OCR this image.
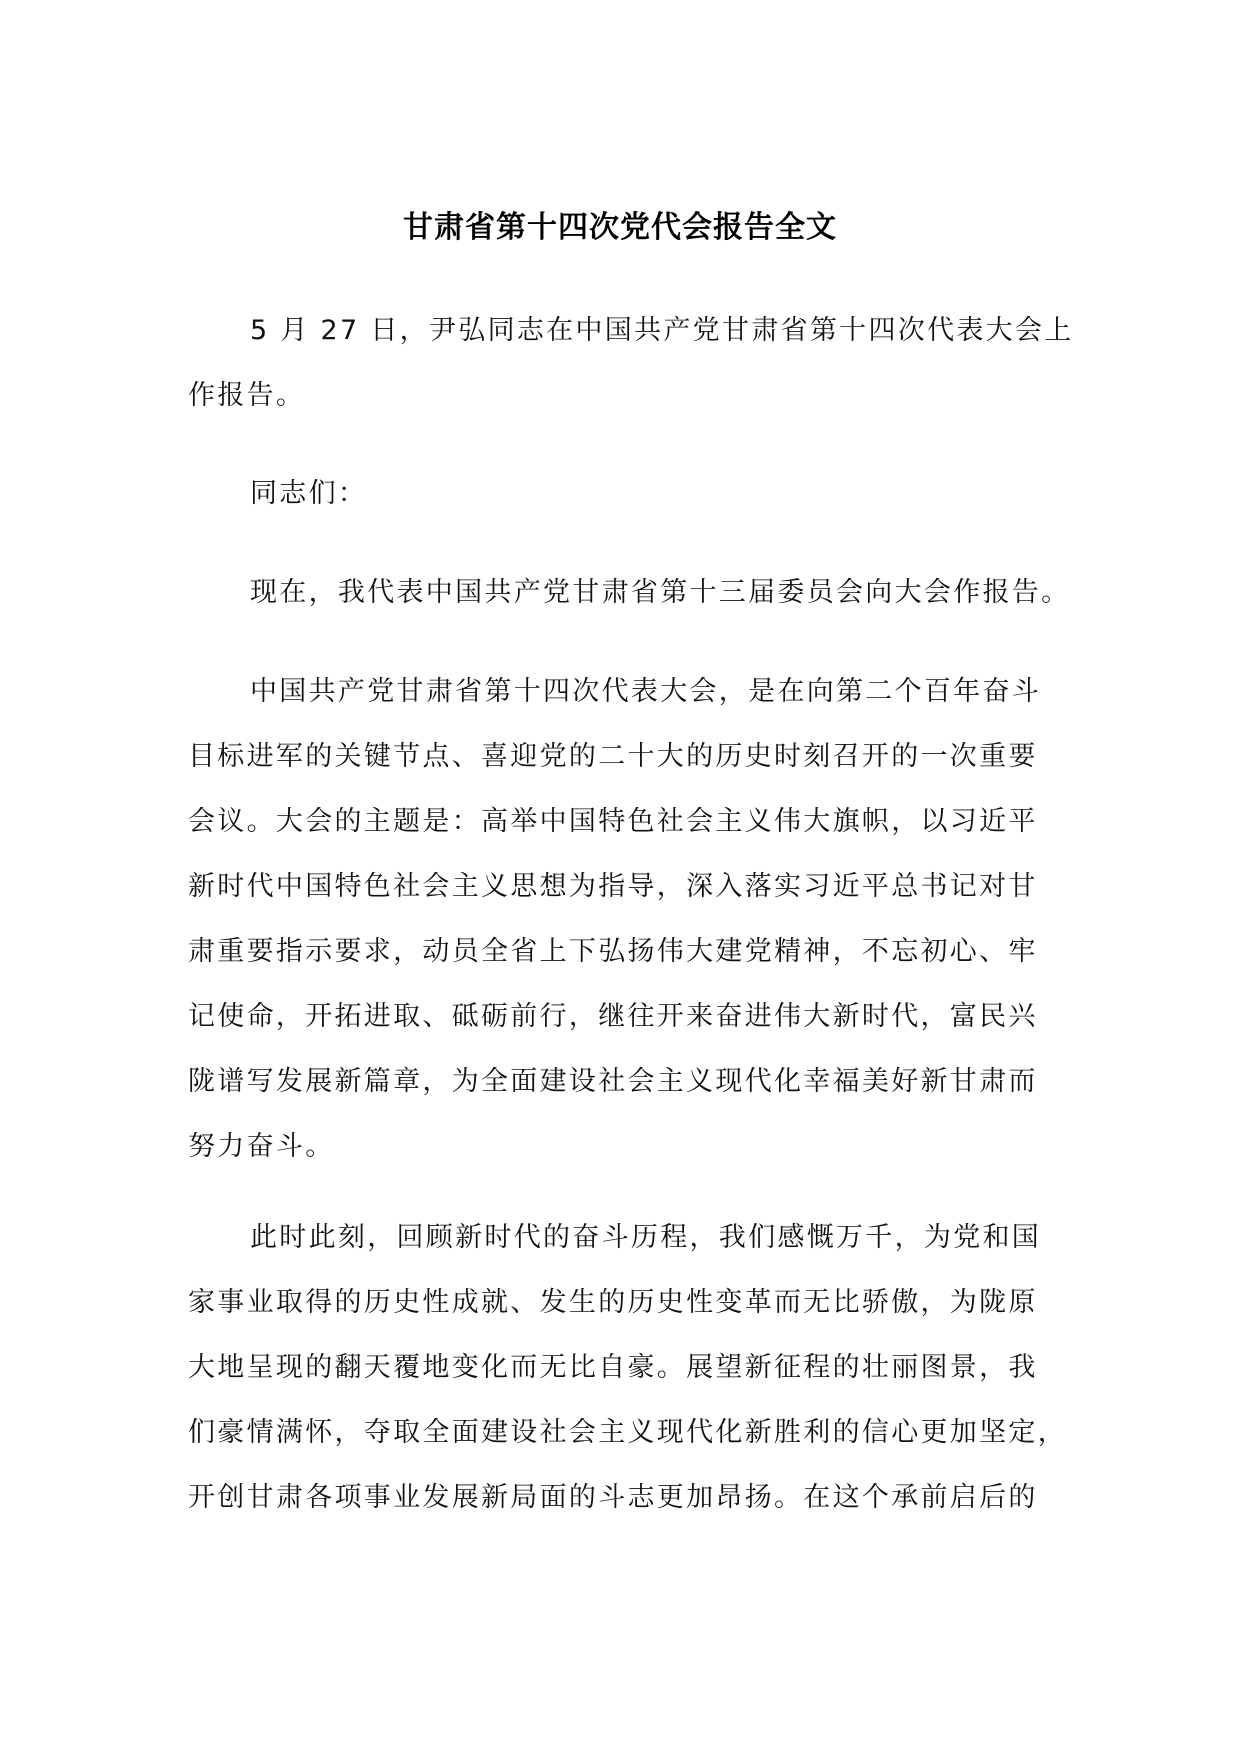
甘肃省第十四次党代会报告全文

5 月 27 日，尹弘同志在中国共产党甘肃省第十四次代表大会上
作报告。

同志们：

现在，我代表中国共产党甘肃省第十三届委员会向大会作报告。

中国共产党甘肃省第十四次代表大会，是在向第二个百年奋斗
目标进军的关键节点、喜迎党的二十大的历史时刻召开的一次重要
会议。大会的主题是：高举中国特色社会主义伟大旗帜，以习近平
新时代中国特色社会主义思想为指导，深入落实习近平总书记对甘
肃重要指示要求，动员全省上下弘扬伟大建党精神，不忘初心、牢
记使命，开拓进取、砥砺前行，继往开来奋进伟大新时代，富民兴
陇谱写发展新篇章，为全面建设社会主义现代化幸福美好新甘肃而
努力奋斗。

此时此刻，回顾新时代的奋斗历程，我们感慨万千，为党和国
家事业取得的历史性成就、发生的历史性变革而无比骄傲，为陇原
大地呈现的翻天覆地变化而无比自豪。展望新征程的壮丽图景，我
们豪情满怀，夺取全面建设社会主义现代化新胜利的信心更加坚定，
开创甘肃各项事业发展新局面的斗志更加昂扬。在这个承前启后的
